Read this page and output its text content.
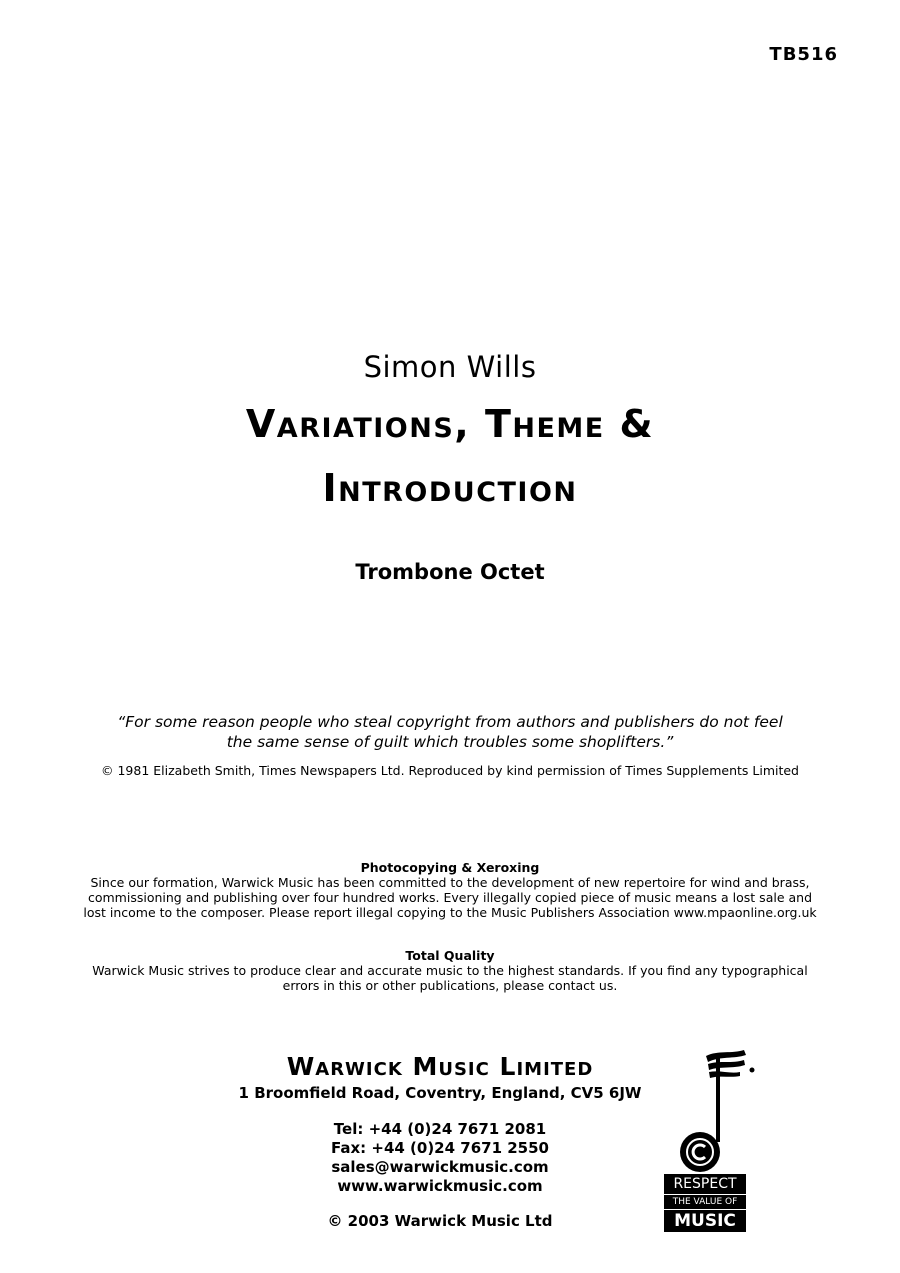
TB516
Simon Wills
Variations, Theme &
Introduction
Trombone Octet
“For some reason people who steal copyright from authors and publishers do not feel
the same sense of guilt which troubles some shoplifters.”
© 1981 Elizabeth Smith, Times Newspapers Ltd. Reproduced by kind permission of Times Supplements Limited
Photocopying & Xeroxing
Since our formation, Warwick Music has been committed to the development of new repertoire for wind and brass,
commissioning and publishing over four hundred works. Every illegally copied piece of music means a lost sale and
lost income to the composer. Please report illegal copying to the Music Publishers Association www.mpaonline.org.uk
Total Quality
Warwick Music strives to produce clear and accurate music to the highest standards. If you find any typographical
errors in this or other publications, please contact us.
Warwick Music Limited
1 Broomfield Road, Coventry, England, CV5 6JW
Tel: +44 (0)24 7671 2081
Fax: +44 (0)24 7671 2550
sales@warwickmusic.com
www.warwickmusic.com
© 2003 Warwick Music Ltd
RESPECT
THE VALUE OF
MUSIC
